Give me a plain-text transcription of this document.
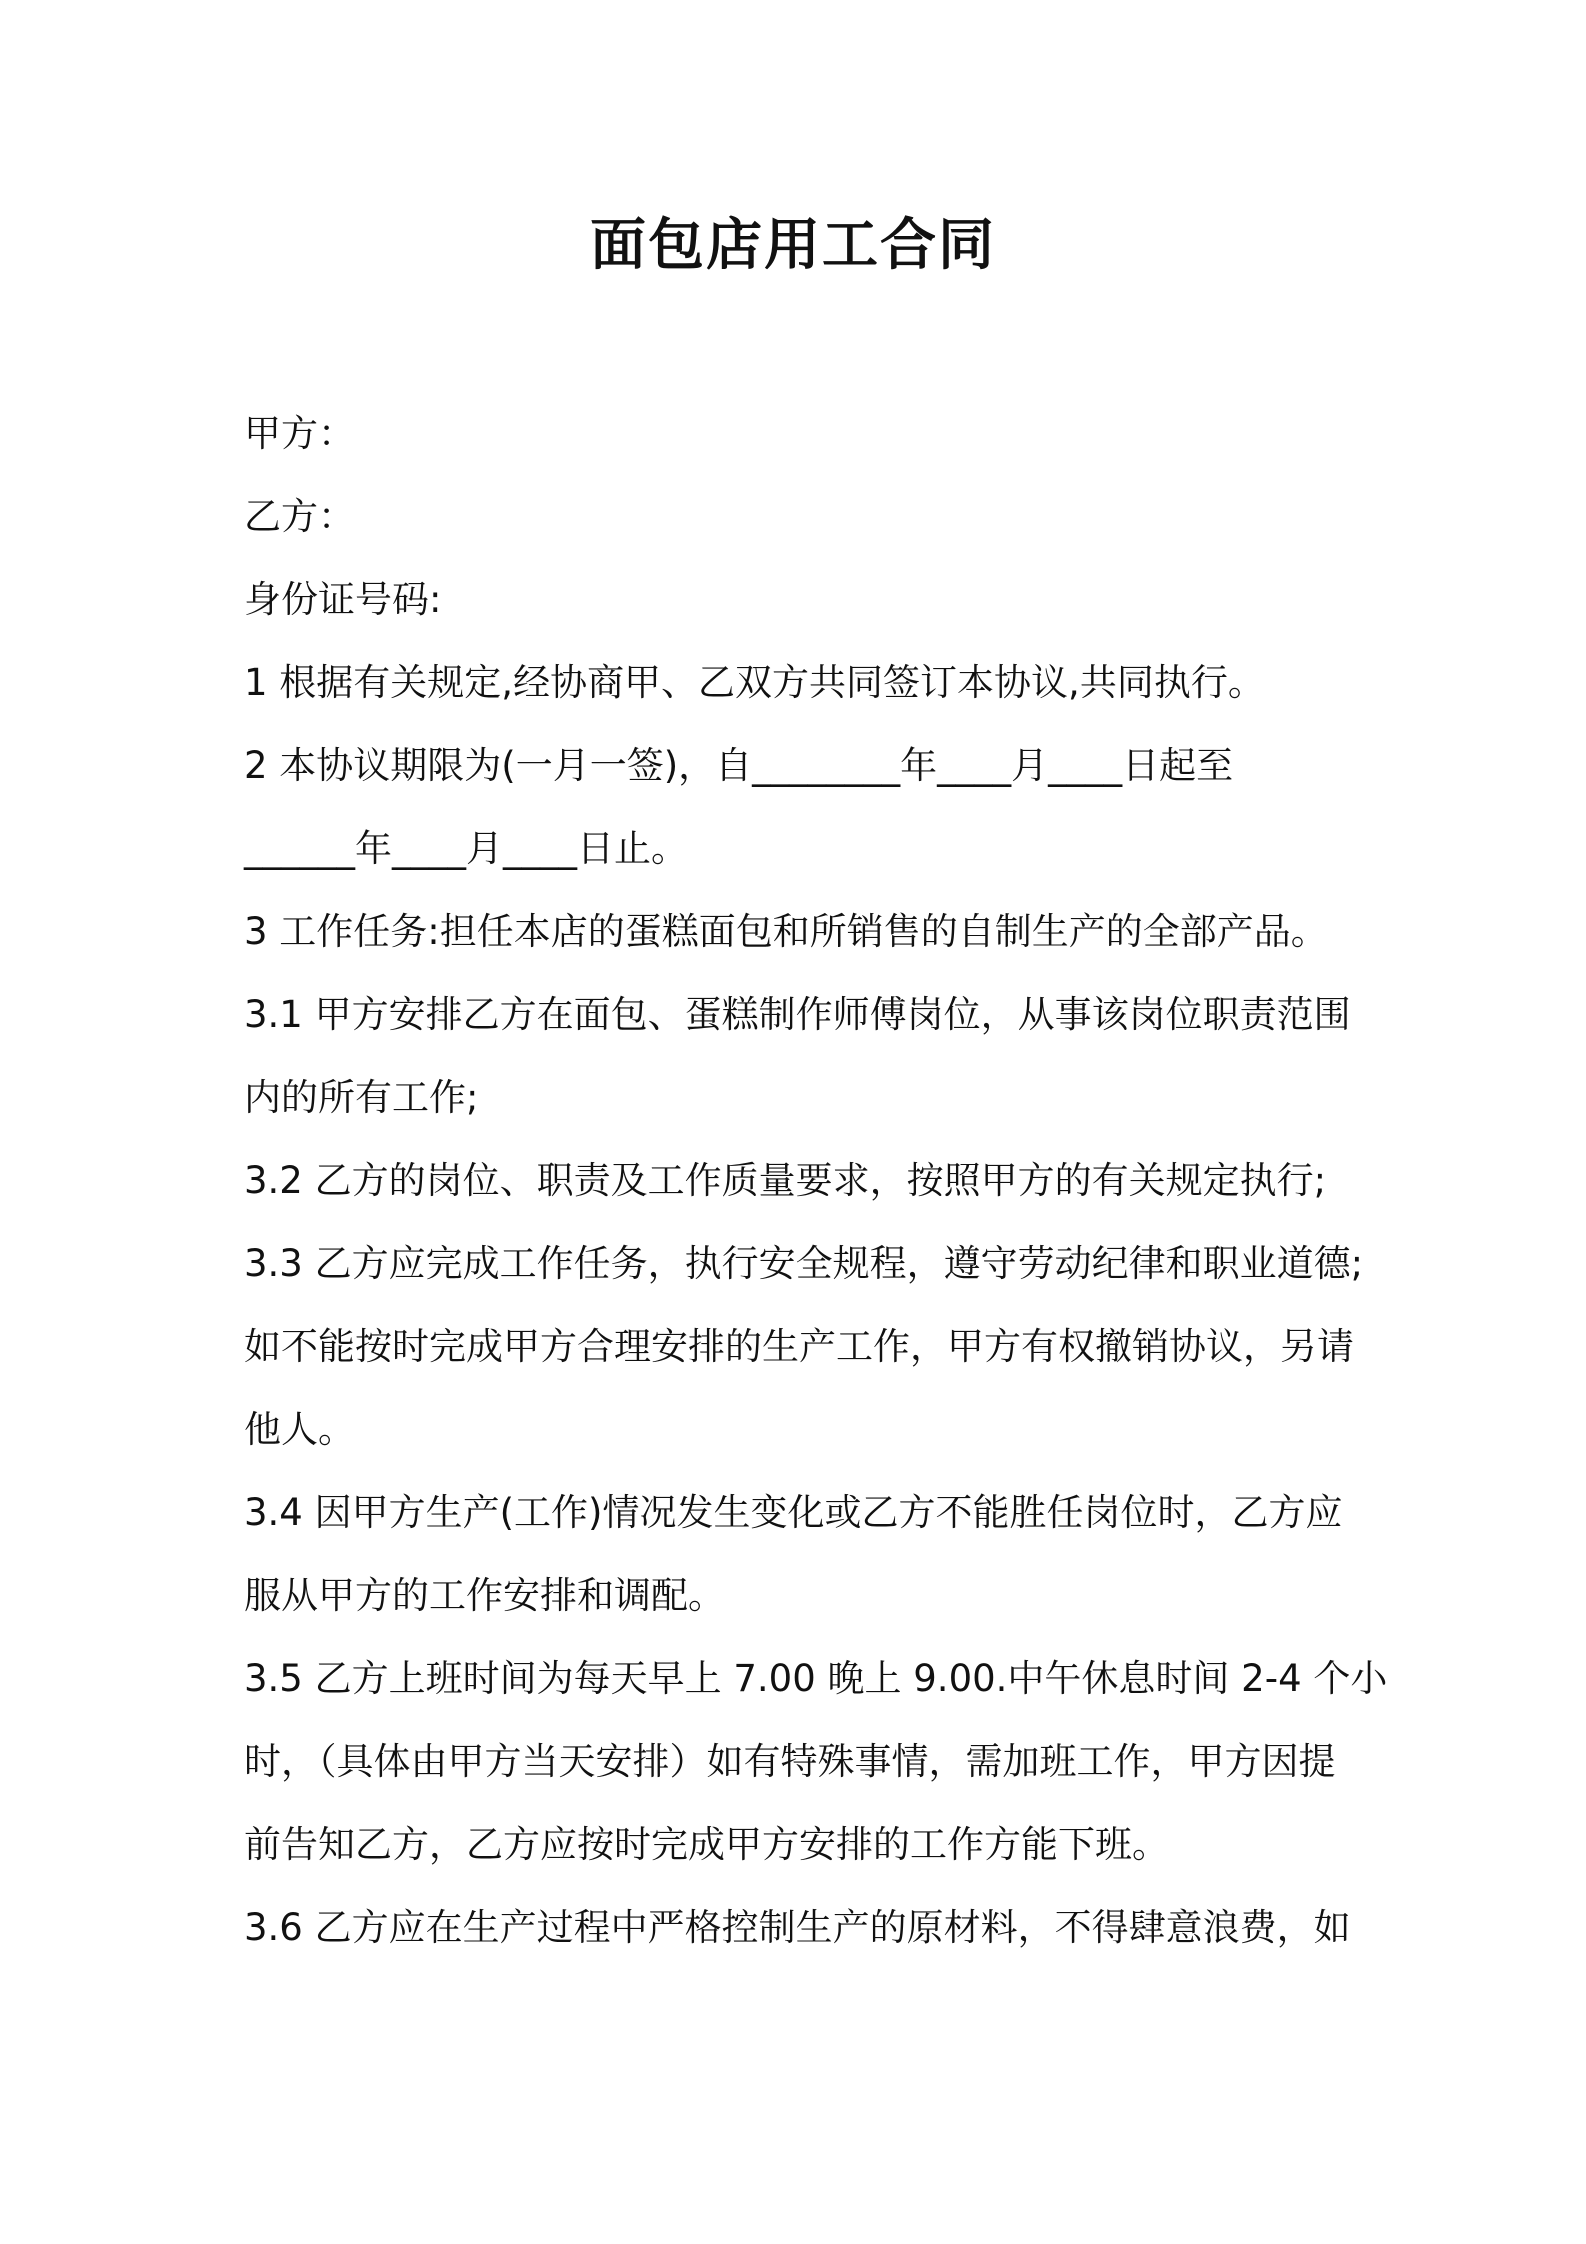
面包店用工合同

甲方：

乙方：

身份证号码:

1 根据有关规定,经协商甲、乙双方共同签订本协议,共同执行。

2 本协议期限为(一月一签)，自________年____月____日起至

______年____月____日止。

3 工作任务:担任本店的蛋糕面包和所销售的自制生产的全部产品。

3.1 甲方安排乙方在面包、蛋糕制作师傅岗位，从事该岗位职责范围

内的所有工作;

3.2 乙方的岗位、职责及工作质量要求，按照甲方的有关规定执行;

3.3 乙方应完成工作任务，执行安全规程，遵守劳动纪律和职业道德;

如不能按时完成甲方合理安排的生产工作，甲方有权撤销协议，另请

他人。

3.4 因甲方生产(工作)情况发生变化或乙方不能胜任岗位时，乙方应

服从甲方的工作安排和调配。

3.5 乙方上班时间为每天早上 7.00 晚上 9.00.中午休息时间 2-4 个小

时，（具体由甲方当天安排）如有特殊事情，需加班工作，甲方因提

前告知乙方，乙方应按时完成甲方安排的工作方能下班。

3.6 乙方应在生产过程中严格控制生产的原材料，不得肆意浪费，如
